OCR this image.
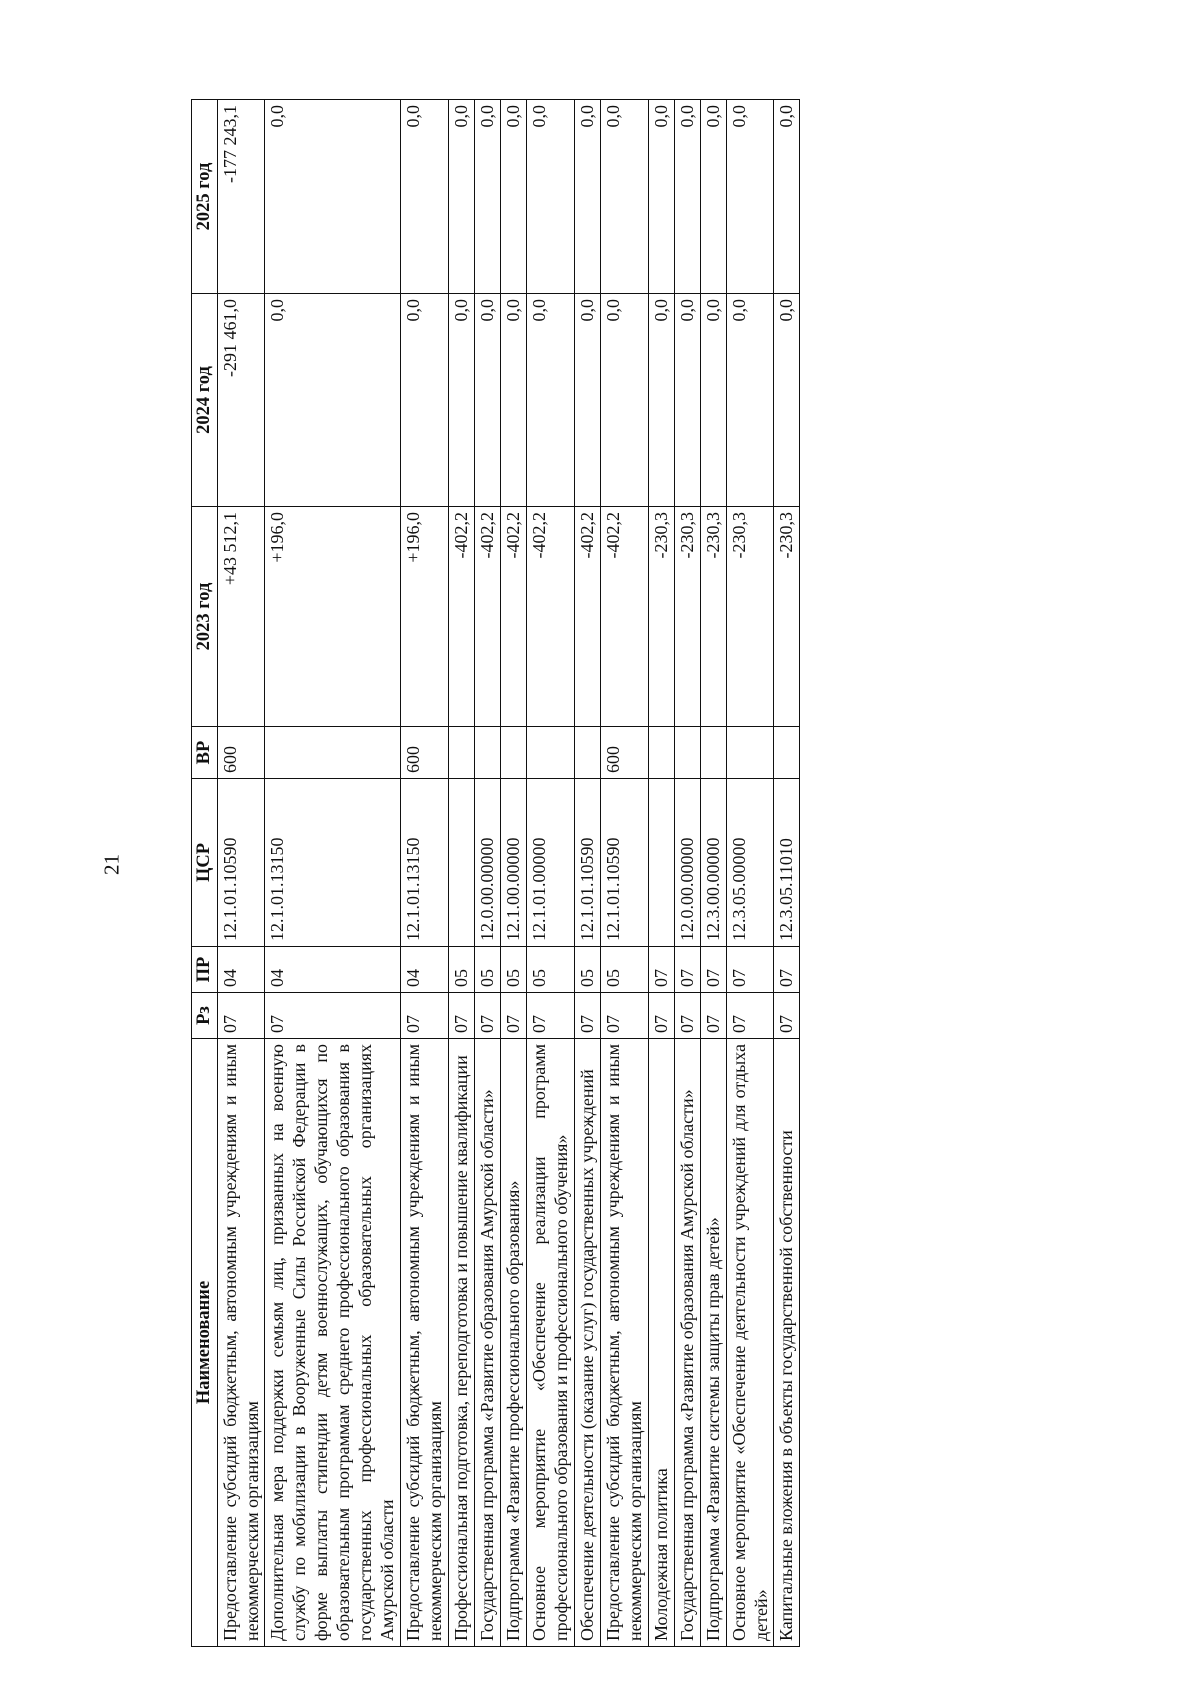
21
Наименование	Рз	ПР	ЦСР	ВР	2023 год	2024 год	2025 год
Предоставление субсидий бюджетным, автономным учреждениям и иным некоммерческим организациям	07	04	12.1.01.10590	600	+43 512,1	-291 461,0	-177 243,1
Дополнительная мера поддержки семьям лиц, призванных на военную службу по мобилизации в Вооруженные Силы Российской Федерации в форме выплаты стипендии детям военнослужащих, обучающихся по образовательным программам среднего профессионального образования в государственных профессиональных образовательных организациях Амурской области	07	04	12.1.01.13150		+196,0	0,0	0,0
Предоставление субсидий бюджетным, автономным учреждениям и иным некоммерческим организациям	07	04	12.1.01.13150	600	+196,0	0,0	0,0
Профессиональная подготовка, переподготовка и повышение квалификации	07	05			-402,2	0,0	0,0
Государственная программа «Развитие образования Амурской области»	07	05	12.0.00.00000		-402,2	0,0	0,0
Подпрограмма «Развитие профессионального образования»	07	05	12.1.00.00000		-402,2	0,0	0,0
Основное мероприятие «Обеспечение реализации программ профессионального образования и профессионального обучения»	07	05	12.1.01.00000		-402,2	0,0	0,0
Обеспечение деятельности (оказание услуг) государственных учреждений	07	05	12.1.01.10590		-402,2	0,0	0,0
Предоставление субсидий бюджетным, автономным учреждениям и иным некоммерческим организациям	07	05	12.1.01.10590	600	-402,2	0,0	0,0
Молодежная политика	07	07			-230,3	0,0	0,0
Государственная программа «Развитие образования Амурской области»	07	07	12.0.00.00000		-230,3	0,0	0,0
Подпрограмма «Развитие системы защиты прав детей»	07	07	12.3.00.00000		-230,3	0,0	0,0
Основное мероприятие «Обеспечение деятельности учреждений для отдыха детей»	07	07	12.3.05.00000		-230,3	0,0	0,0
Капитальные вложения в объекты государственной собственности	07	07	12.3.05.11010		-230,3	0,0	0,0
